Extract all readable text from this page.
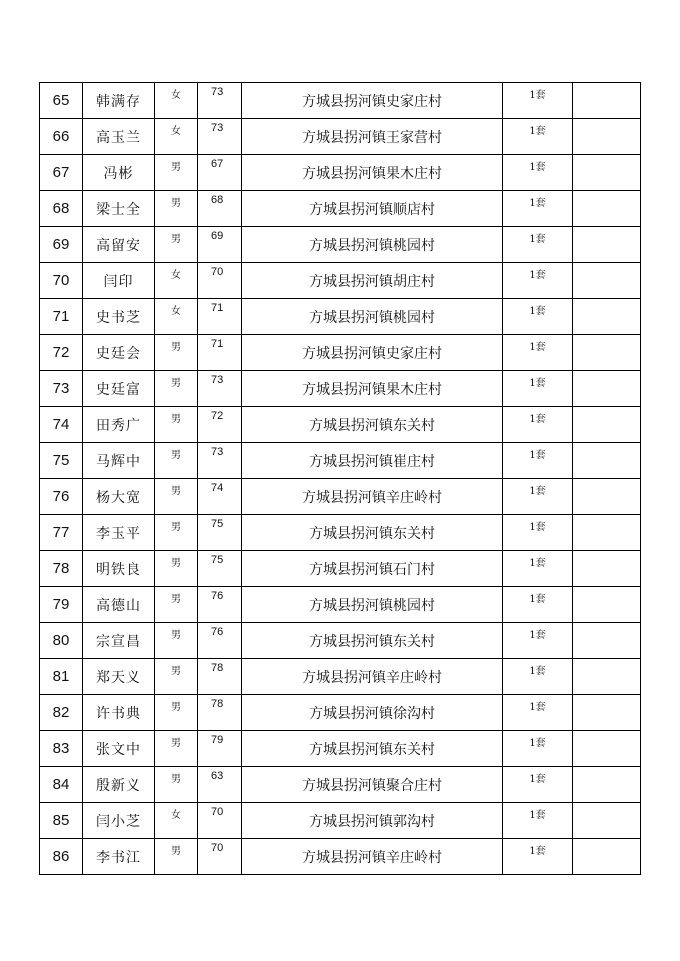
65	韩满存	女	73	方城县拐河镇史家庄村	1套	
66	高玉兰	女	73	方城县拐河镇王家营村	1套	
67	冯彬	男	67	方城县拐河镇果木庄村	1套	
68	梁士全	男	68	方城县拐河镇顺店村	1套	
69	高留安	男	69	方城县拐河镇桃园村	1套	
70	闫印	女	70	方城县拐河镇胡庄村	1套	
71	史书芝	女	71	方城县拐河镇桃园村	1套	
72	史廷会	男	71	方城县拐河镇史家庄村	1套	
73	史廷富	男	73	方城县拐河镇果木庄村	1套	
74	田秀广	男	72	方城县拐河镇东关村	1套	
75	马辉中	男	73	方城县拐河镇崔庄村	1套	
76	杨大宽	男	74	方城县拐河镇辛庄岭村	1套	
77	李玉平	男	75	方城县拐河镇东关村	1套	
78	明铁良	男	75	方城县拐河镇石门村	1套	
79	高德山	男	76	方城县拐河镇桃园村	1套	
80	宗宣昌	男	76	方城县拐河镇东关村	1套	
81	郑天义	男	78	方城县拐河镇辛庄岭村	1套	
82	许书典	男	78	方城县拐河镇徐沟村	1套	
83	张文中	男	79	方城县拐河镇东关村	1套	
84	殷新义	男	63	方城县拐河镇聚合庄村	1套	
85	闫小芝	女	70	方城县拐河镇郭沟村	1套	
86	李书江	男	70	方城县拐河镇辛庄岭村	1套	
